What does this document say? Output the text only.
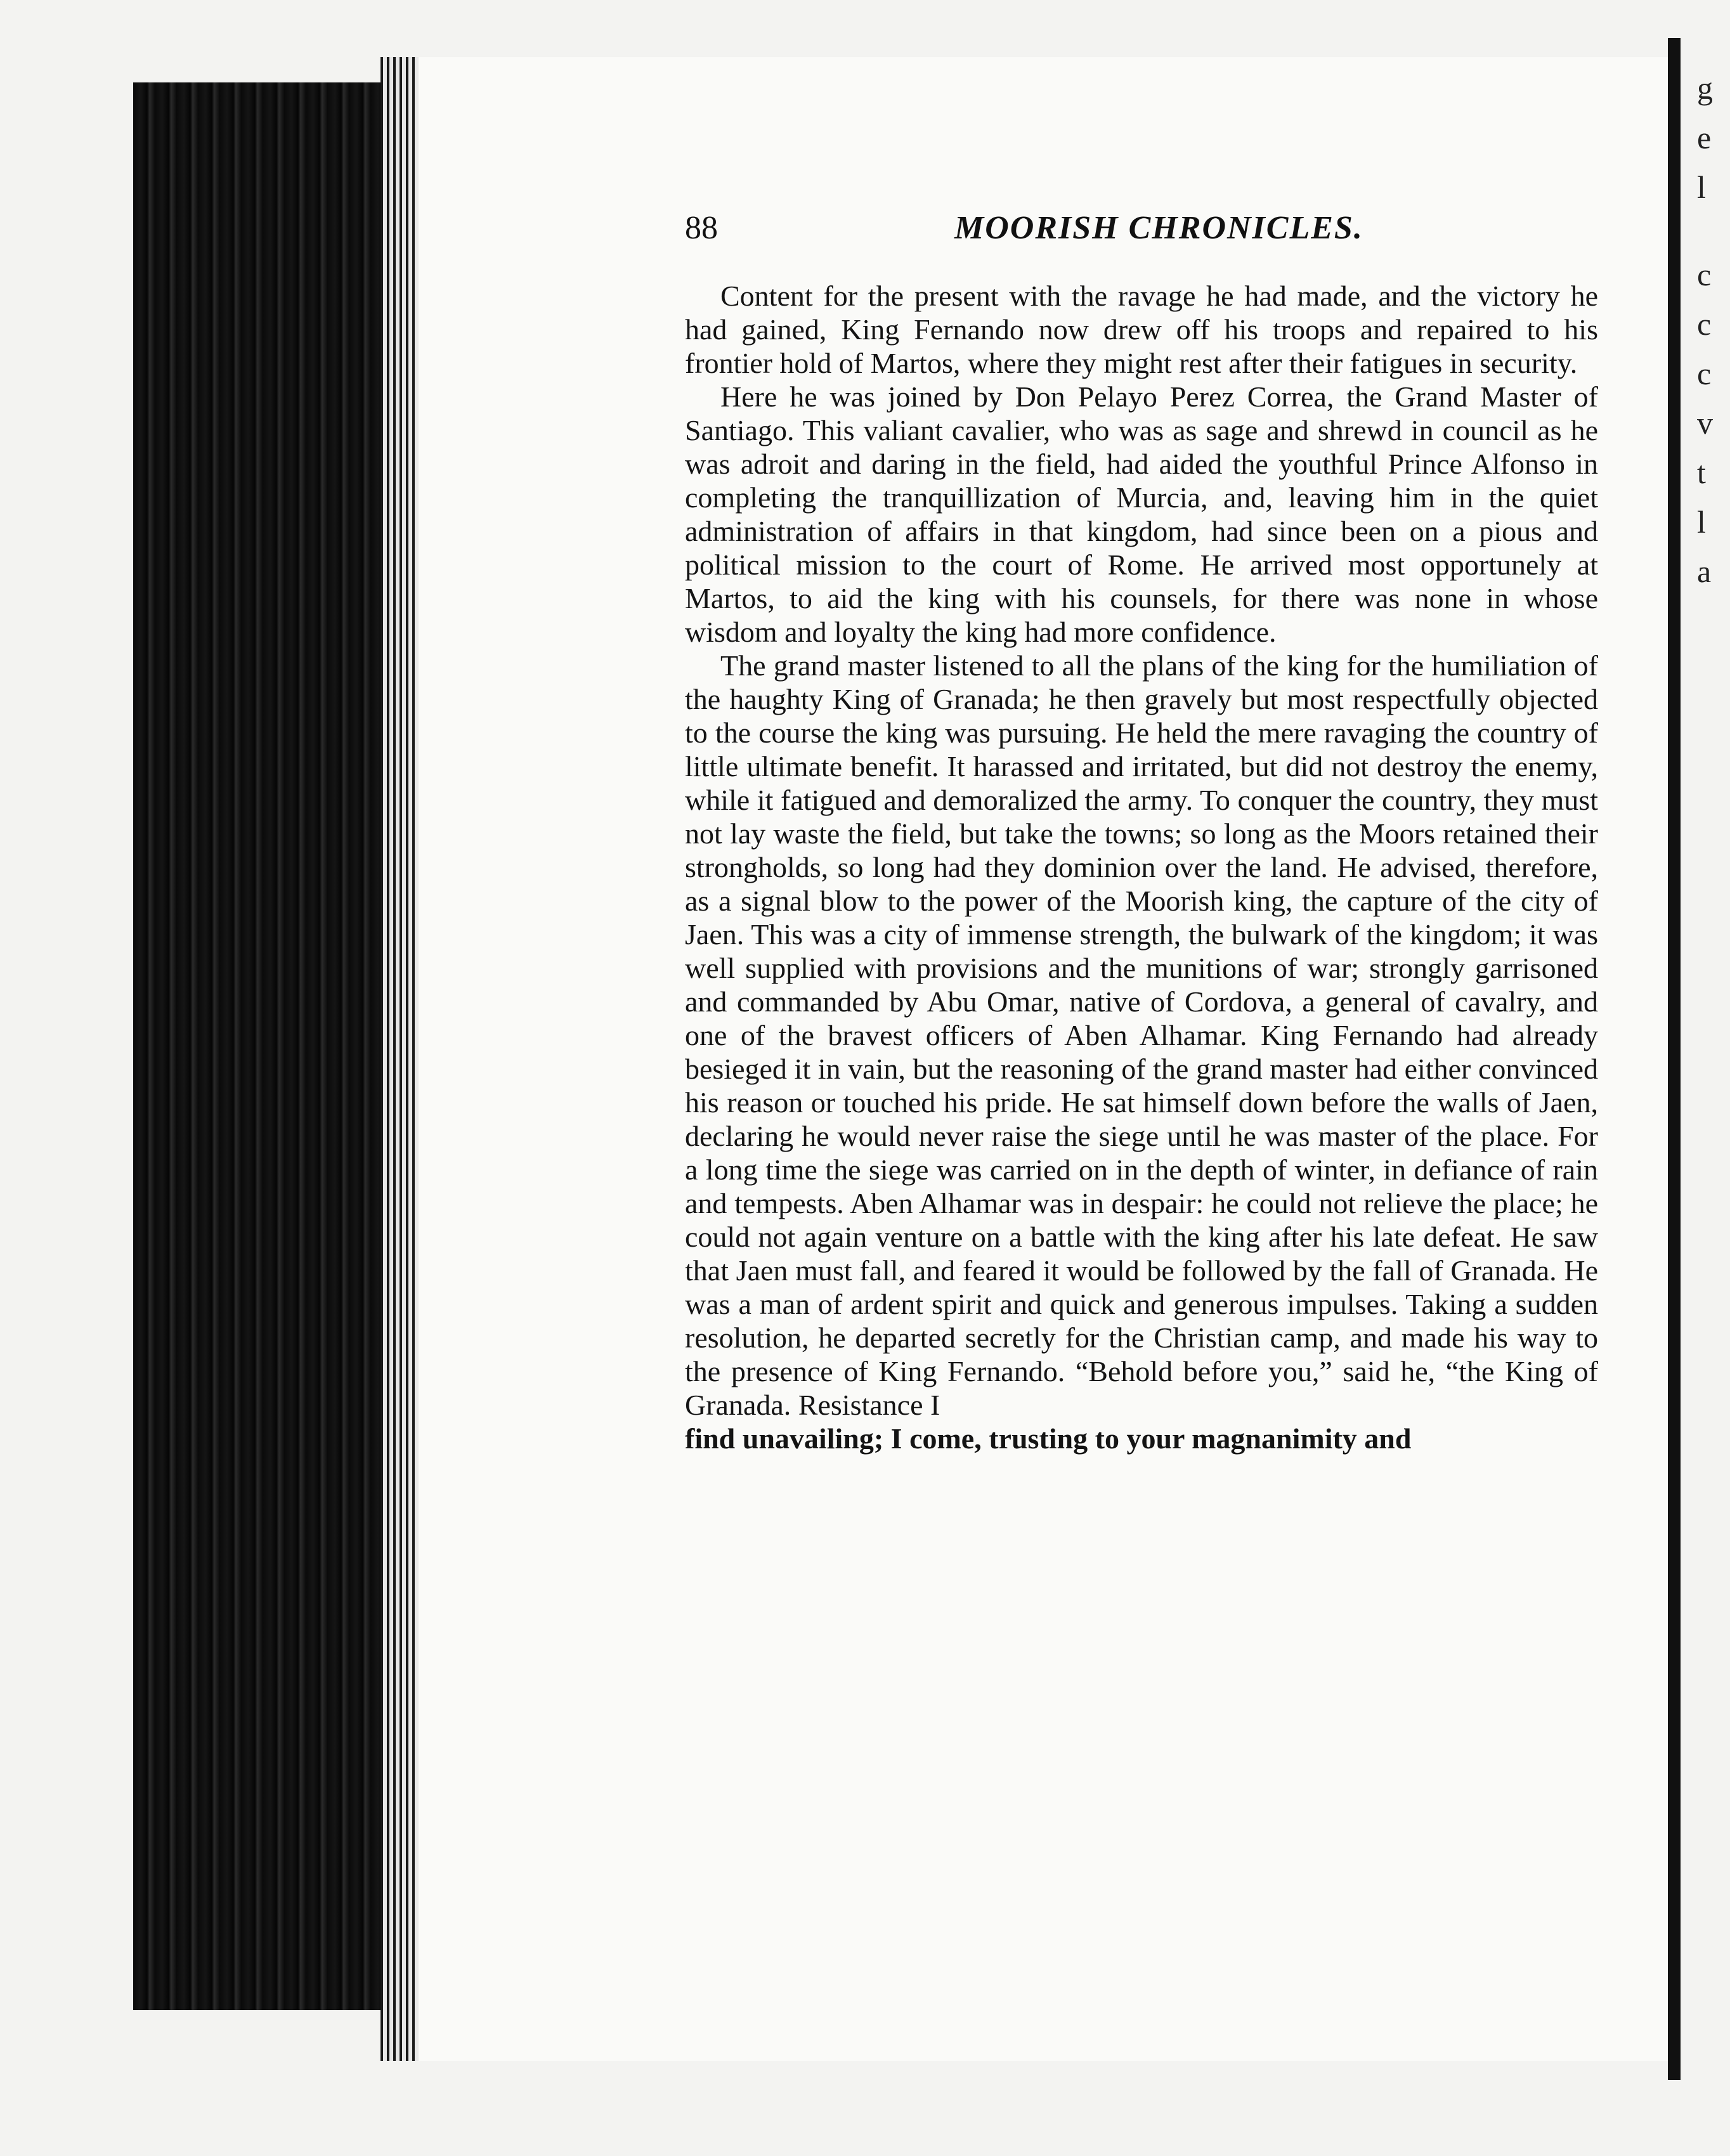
g
e
l
c
c
c
v
t
l
a
88	MOORISH CHRONICLES.

Content for the present with the ravage he had made, and the victory he had gained, King Fernando now drew off his troops and repaired to his frontier hold of Martos, where they might rest after their fatigues in security.

Here he was joined by Don Pelayo Perez Correa, the Grand Master of Santiago. This valiant cavalier, who was as sage and shrewd in council as he was adroit and daring in the field, had aided the youthful Prince Alfonso in completing the tranquillization of Murcia, and, leaving him in the quiet administration of affairs in that kingdom, had since been on a pious and political mission to the court of Rome. He arrived most opportunely at Martos, to aid the king with his counsels, for there was none in whose wisdom and loyalty the king had more confidence.

The grand master listened to all the plans of the king for the humiliation of the haughty King of Granada; he then gravely but most respectfully objected to the course the king was pursuing. He held the mere ravaging the country of little ultimate benefit. It harassed and irritated, but did not destroy the enemy, while it fatigued and demoralized the army. To conquer the country, they must not lay waste the field, but take the towns; so long as the Moors retained their strongholds, so long had they dominion over the land. He advised, therefore, as a signal blow to the power of the Moorish king, the capture of the city of Jaen. This was a city of immense strength, the bulwark of the kingdom; it was well supplied with provisions and the munitions of war; strongly garrisoned and commanded by Abu Omar, native of Cordova, a general of cavalry, and one of the bravest officers of Aben Alhamar. King Fernando had already besieged it in vain, but the reasoning of the grand master had either convinced his reason or touched his pride. He sat himself down before the walls of Jaen, declaring he would never raise the siege until he was master of the place. For a long time the siege was carried on in the depth of winter, in defiance of rain and tempests. Aben Alhamar was in despair: he could not relieve the place; he could not again venture on a battle with the king after his late defeat. He saw that Jaen must fall, and feared it would be followed by the fall of Granada. He was a man of ardent spirit and quick and generous impulses. Taking a sudden resolution, he departed secretly for the Christian camp, and made his way to the presence of King Fernando. “Behold before you,” said he, “the King of Granada. Resistance I

find unavailing; I come, trusting to your magnanimity and
